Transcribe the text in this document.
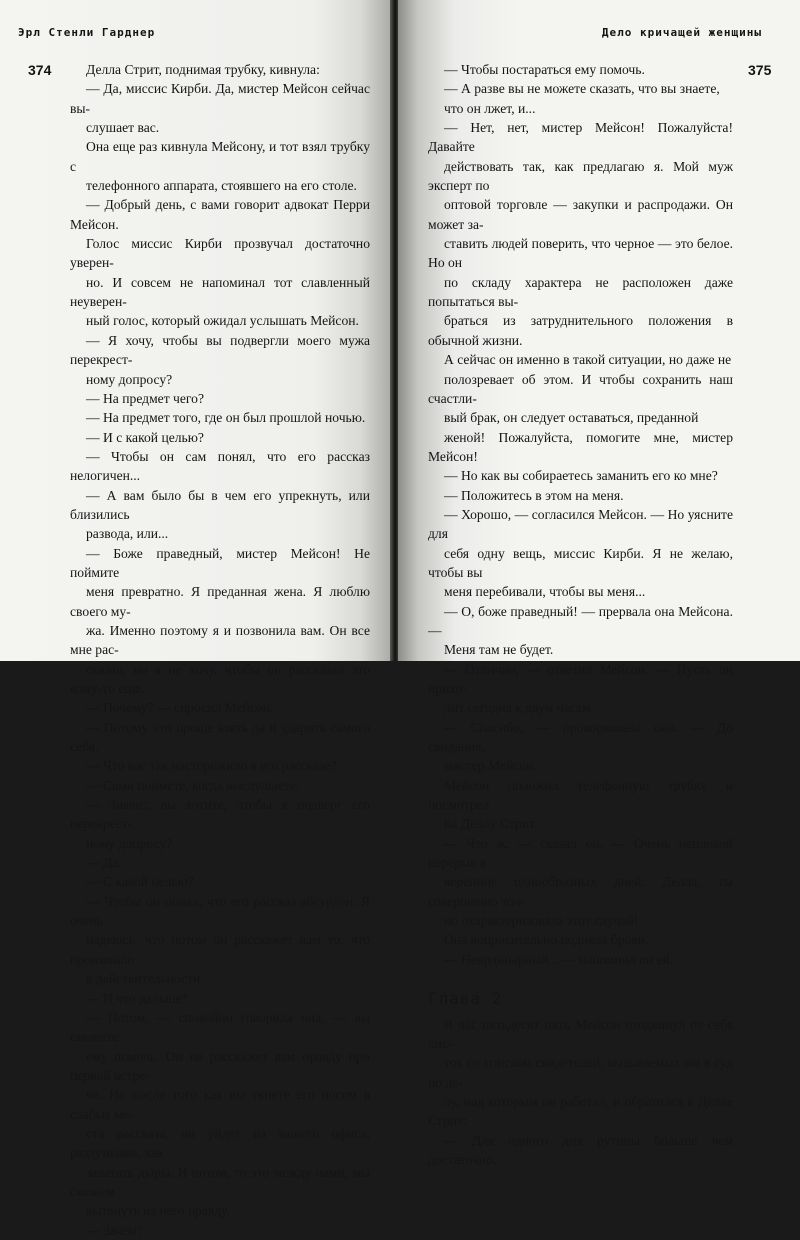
Эрл Стенли Гарднер
374	Делла Стрит, поднимая трубку, кивнула:

— Да, миссис Кирби. Да, мистер Мейсон сейчас вы-

слушает вас.

Она еще раз кивнула Мейсону, и тот взял трубку с

телефонного аппарата, стоявшего на его столе.

— Добрый день, с вами говорит адвокат Перри Мейсон.

Голос миссис Кирби прозвучал достаточно уверен-

но. И совсем не напоминал тот славленный неуверен-

ный голос, который ожидал услышать Мейсон.

— Я хочу, чтобы вы подвергли моего мужа перекрест-

ному допросу?

— На предмет чего?

— На предмет того, где он был прошлой ночью.

— И с какой целью?

— Чтобы он сам понял, что его рассказ нелогичен...

— А вам было бы в чем его упрекнуть, или близились

развода, или...

— Боже праведный, мистер Мейсон! Не поймите

меня превратно. Я преданная жена. Я люблю своего му-

жа. Именно поэтому я и позвонила вам. Он все мне рас-

сказал, но я не хочу, чтобы он рассказал это кому-то еще.

— Почему? — спросил Мейсон.

— Потому что проще взять да и ударить самого себя.

— Что вас так насторожило в его рассказе?

— Сами поймете, когда выслушаете.

— Значит, вы хотите, чтобы я подверг его перекрест-

ному допросу?

— Да.

— С какой целью?

— Чтобы он понял, что его рассказ абсурден. Я очень

надеюсь, что потом он расскажет вам то, что произошло

в действительности.

— И что дальше?

— Потом, — спокойно говорила она, — вы сможете

ему помочь. Он не расскажет вам правду при первой встре-

че. Но после того как вы ткнете его носом в слабые ме-

ста рассказа, он уйдет из вашего офиса, раздумывая, как

залатать дыры. И потом, то это между нами, мы сможем

вытянуть из него правду.

— Зачем?

Дело кричащей женщины
375

— Чтобы постараться ему помочь.

— А разве вы не можете сказать, что вы знаете,

что он лжет, и...

— Нет, нет, мистер Мейсон! Пожалуйста! Давайте

действовать так, как предлагаю я. Мой муж эксперт по

оптовой торговле — закупки и распродажи. Он может за-

ставить людей поверить, что черное — это белое. Но он

по складу характера не расположен даже попытаться вы-

браться из затруднительного положения в обычной жизни.

А сейчас он именно в такой ситуации, но даже не

полозревает об этом. И чтобы сохранить наш счастли-

вый брак, он следует оставаться, преданной

женой! Пожалуйста, помогите мне, мистер Мейсон!

— Но как вы собираетесь заманить его ко мне?

— Положитесь в этом на меня.

— Хорошо, — согласился Мейсон. — Но уясните для

себя одну вещь, миссис Кирби. Я не желаю, чтобы вы

меня перебивали, чтобы вы меня...

— О, боже праведный! — прервала она Мейсона. —

Меня там не будет.

— Отлично, — ответил Мейсон. — Пусть он прихо-

дит сегодня к двум часам.

— Спасибо, — проворковала она. — До свидания,

мистер Мейсон.

Мейсон положил телефонную трубку и посмотрел

на Деллу Стрит.

— Что ж, — сказал он. — Очень неплохой перерыв в

веренице однообразных дней. Делла, ты совершенно точ-

но охарактеризовала этот случай!

Она вопросительно подняла брови.

— Неординарный... — напомнил он ей.

Глава 2

В час пятьдесят пять Мейсон отодвинул от себя лис-

ток со списком свидетелей, вызываемых им в суд по де-

лу, над которым он работал, и обратился к Делле Стрит:

— Для одного дня рутины больше чем достаточно.
